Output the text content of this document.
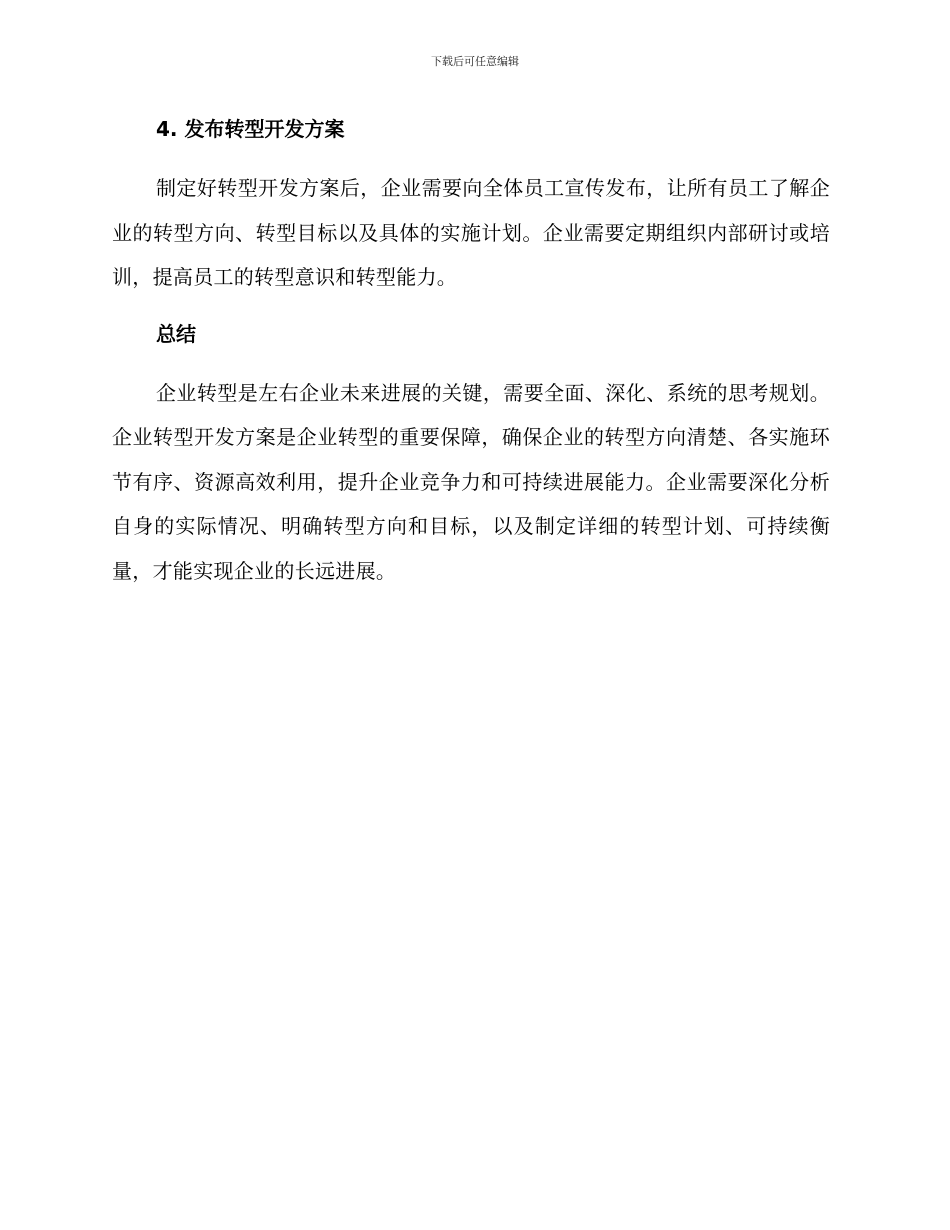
下载后可任意编辑
4. 发布转型开发方案

制定好转型开发方案后，企业需要向全体员工宣传发布，让所有员工了解企业的转型方向、转型目标以及具体的实施计划。企业需要定期组织内部研讨或培训，提高员工的转型意识和转型能力。

总结

企业转型是左右企业未来进展的关键，需要全面、深化、系统的思考规划。企业转型开发方案是企业转型的重要保障，确保企业的转型方向清楚、各实施环节有序、资源高效利用，提升企业竞争力和可持续进展能力。企业需要深化分析自身的实际情况、明确转型方向和目标，以及制定详细的转型计划、可持续衡量，才能实现企业的长远进展。
